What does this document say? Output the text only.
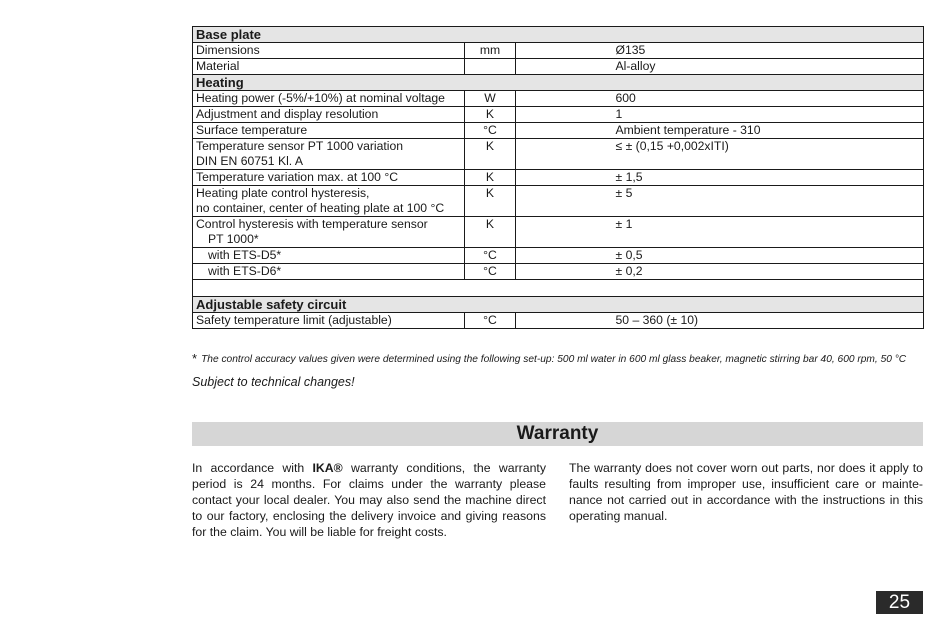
Base plate			

Dimensions	mm		Ø135

Material			Al-alloy
Heating			

Heating power (-5%/+10%) at nominal voltage	W		600

Adjustment and display resolution	K		1

Surface temperature	°C		Ambient temperature - 310

Temperature sensor PT 1000 variation
DIN EN 60751 Kl. A	K		≤ ± (0,15 +0,002xITI)

Temperature variation max. at 100 °C	K		± 1,5

Heating plate control hysteresis,
no container, center of heating plate at 100 °C	K		± 5

Control hysteresis with temperature sensor
PT 1000*	K		± 1

with ETS-D5*	°C		± 0,5

with ETS-D6*	°C		± 0,2

Adjustable safety circuit			

Safety temperature limit (adjustable)	°C		50 – 360 (± 10)
* The control accuracy values given were determined using the following set-up: 500 ml water in 600 ml glass beaker, magnetic stirring bar 40, 600 rpm, 50 °C
Subject to technical changes!
Warranty
In accordance with IKA® warranty conditions, the warranty period is 24 months. For claims under the warranty please contact your local dealer. You may also send the machine direct to our factory, enclosing the delivery invoice and giving reasons for the claim. You will be liable for freight costs.
The warranty does not cover worn out parts, nor does it apply to faults resulting from improper use, insufficient care or mainte-nance not carried out in accordance with the instructions in this operating manual.
25
